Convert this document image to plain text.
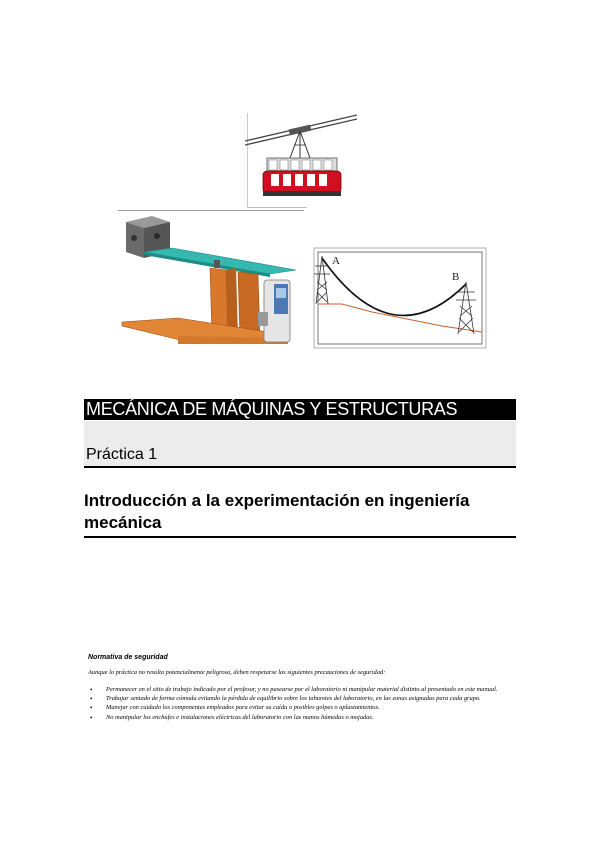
A
B
MECÁNICA DE MÁQUINAS Y ESTRUCTURAS
Práctica 1
Introducción a la experimentación en ingeniería mecánica
Normativa de seguridad
Aunque la práctica no resulta potencialmente peligrosa, deben respetarse las siguientes precauciones de seguridad:
• Permanecer en el sitio de trabajo indicado por el profesor, y no pasearse por el laboratorio ni manipular material distinto al presentado en este manual.
• Trabajar sentado de forma cómoda evitando la pérdida de equilibrio sobre los taburetes del laboratorio, en las zonas asignadas para cada grupo.
• Manejar con cuidado los componentes empleados para evitar su caída o posibles golpes o aplastamientos.
• No manipular los enchufes e instalaciones eléctricas del laboratorio con las manos húmedas o mojadas.
